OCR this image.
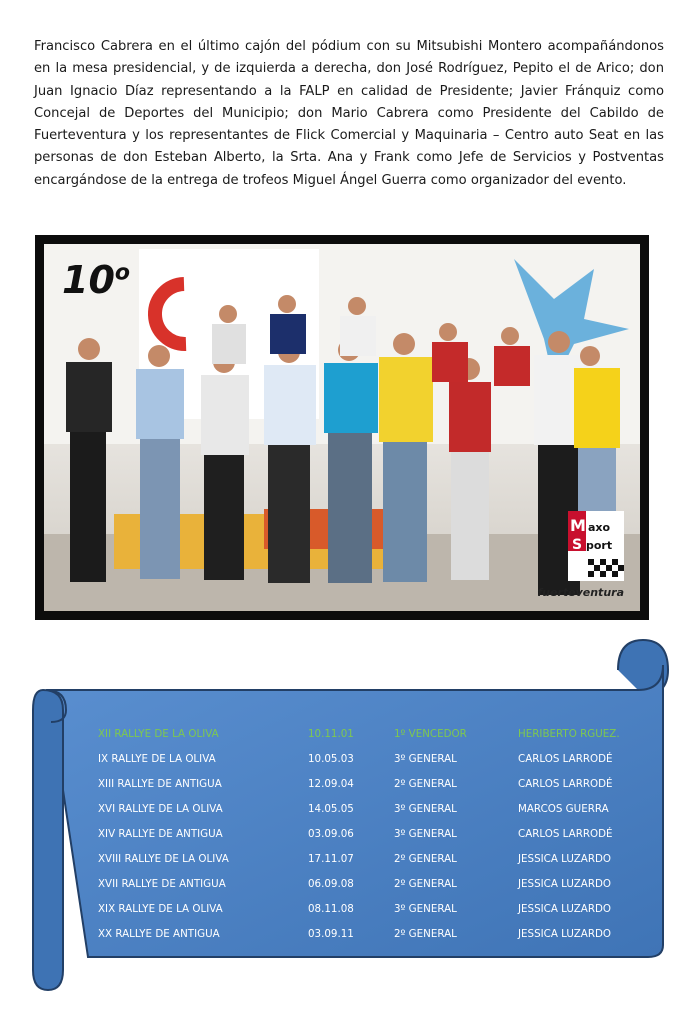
Francisco Cabrera en el último cajón del pódium con su Mitsubishi Montero acompañándonos en la mesa presidencial, y de izquierda a derecha, don José Rodríguez, Pepito el de Arico; don Juan Ignacio Díaz representando a la FALP en calidad de Presidente; Javier Fránquiz como Concejal de Deportes del Municipio; don Mario Cabrera como Presidente del Cabildo de Fuerteventura y los representantes de Flick Comercial y Maquinaria – Centro auto Seat en las personas de don Esteban Alberto, la Srta. Ana y Frank como Jefe de Servicios y Postventas encargándose de la entrega de trofeos Miguel Ángel Guerra como organizador del evento.
10$^o$
axo
port
M
S
fuerteventura

XII RALLYE DE LA OLIVA	10.11.01	1º VENCEDOR	HERIBERTO RGUEZ.
IX RALLYE DE LA OLIVA	10.05.03	3º GENERAL	CARLOS LARRODÉ
XIII RALLYE DE ANTIGUA	12.09.04	2º GENERAL	CARLOS LARRODÉ
XVI RALLYE DE LA OLIVA	14.05.05	3º GENERAL	MARCOS GUERRA
XIV RALLYE DE ANTIGUA	03.09.06	3º GENERAL	CARLOS LARRODÉ
XVIII RALLYE DE LA OLIVA	17.11.07	2º GENERAL	JESSICA LUZARDO
XVII RALLYE DE ANTIGUA	06.09.08	2º GENERAL	JESSICA LUZARDO
XIX RALLYE DE LA OLIVA	08.11.08	3º GENERAL	JESSICA LUZARDO
XX RALLYE DE ANTIGUA	03.09.11	2º GENERAL	JESSICA LUZARDO
